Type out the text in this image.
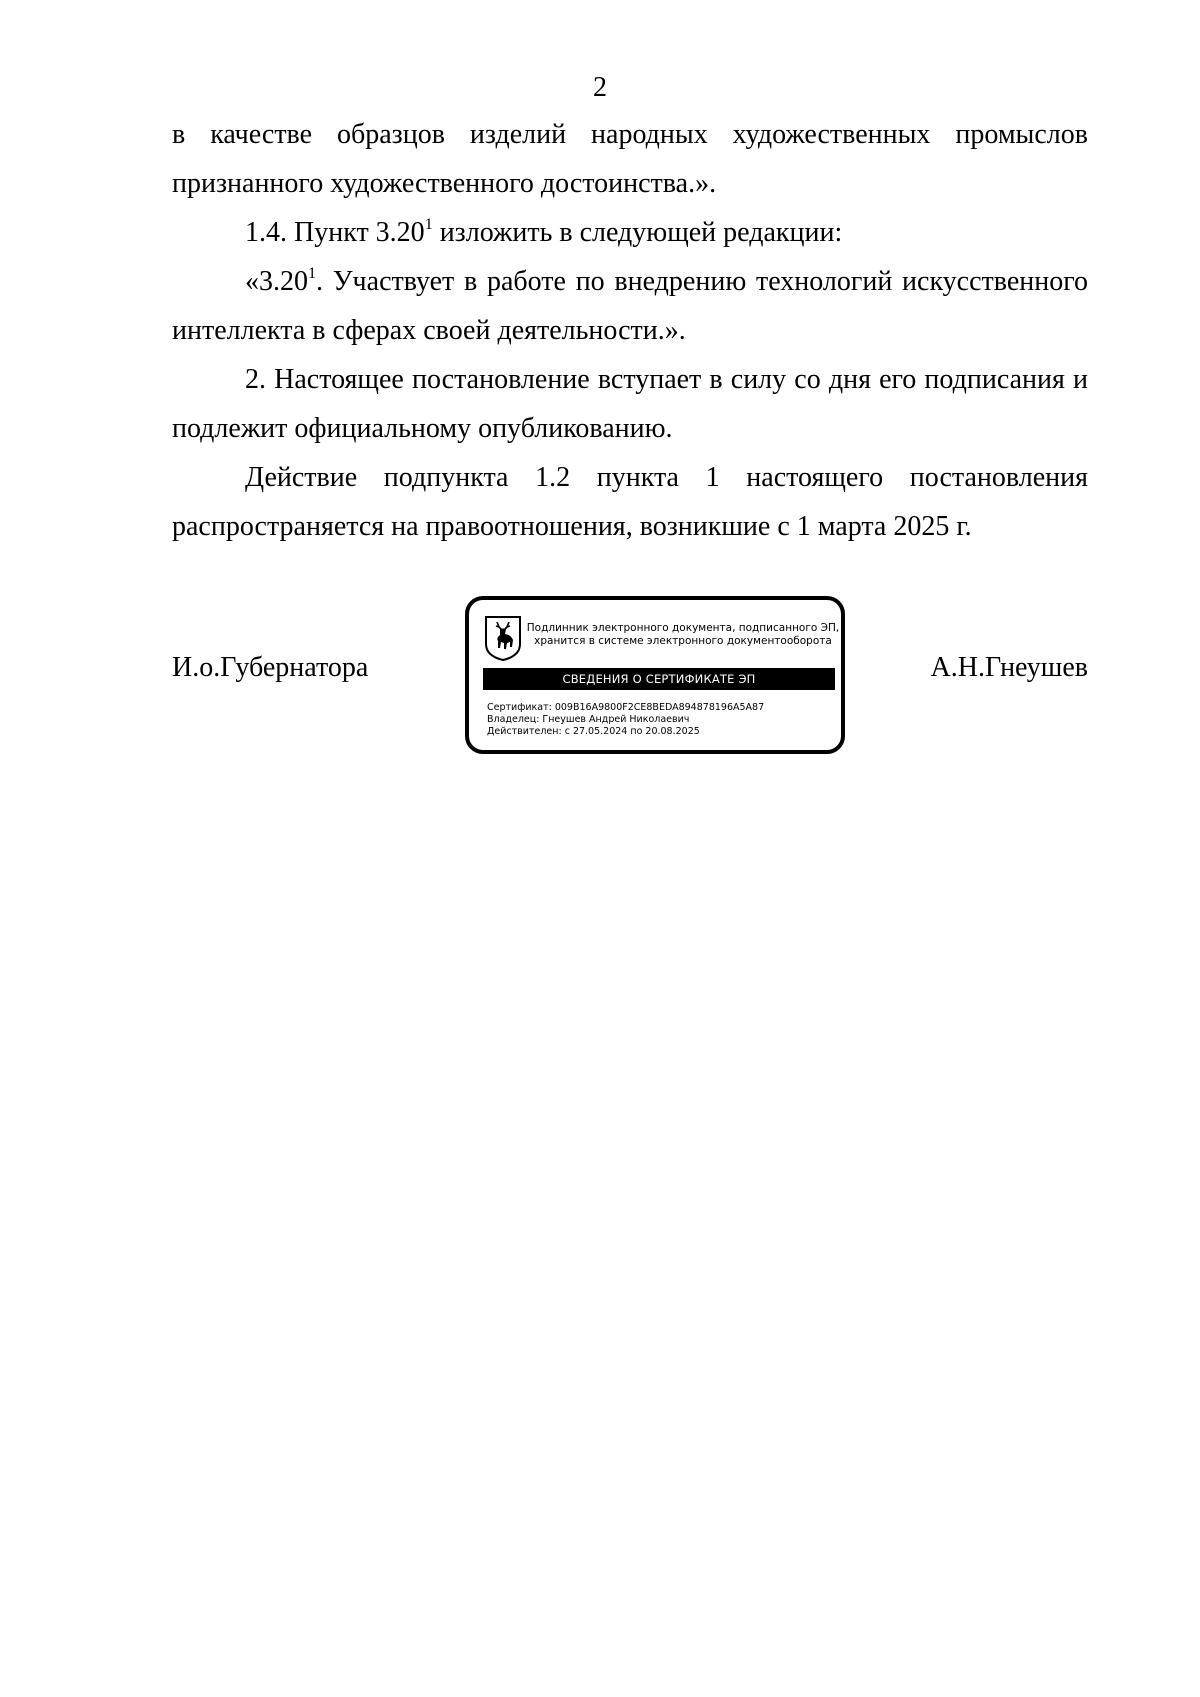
2

в качестве образцов изделий народных художественных промыслов признанного художественного достоинства.».

1.4. Пункт 3.20$^1$ изложить в следующей редакции:

«3.20$^1$. Участвует в работе по внедрению технологий искусственного интеллекта в сферах своей деятельности.».

2. Настоящее постановление вступает в силу со дня его подписания и подлежит официальному опубликованию.

Действие подпункта 1.2 пункта 1 настоящего постановления распространяется на правоотношения, возникшие с 1 марта 2025 г.

И.о.Губернатора	А.Н.Гнеушев
Подлинник электронного документа, подписанного ЭП,
хранится в системе электронного документооборота
СВЕДЕНИЯ О СЕРТИФИКАТЕ ЭП
Сертификат: 009B16A9800F2CE8BEDA894878196A5A87
Владелец: Гнеушев Андрей Николаевич
Действителен: с 27.05.2024 по 20.08.2025
